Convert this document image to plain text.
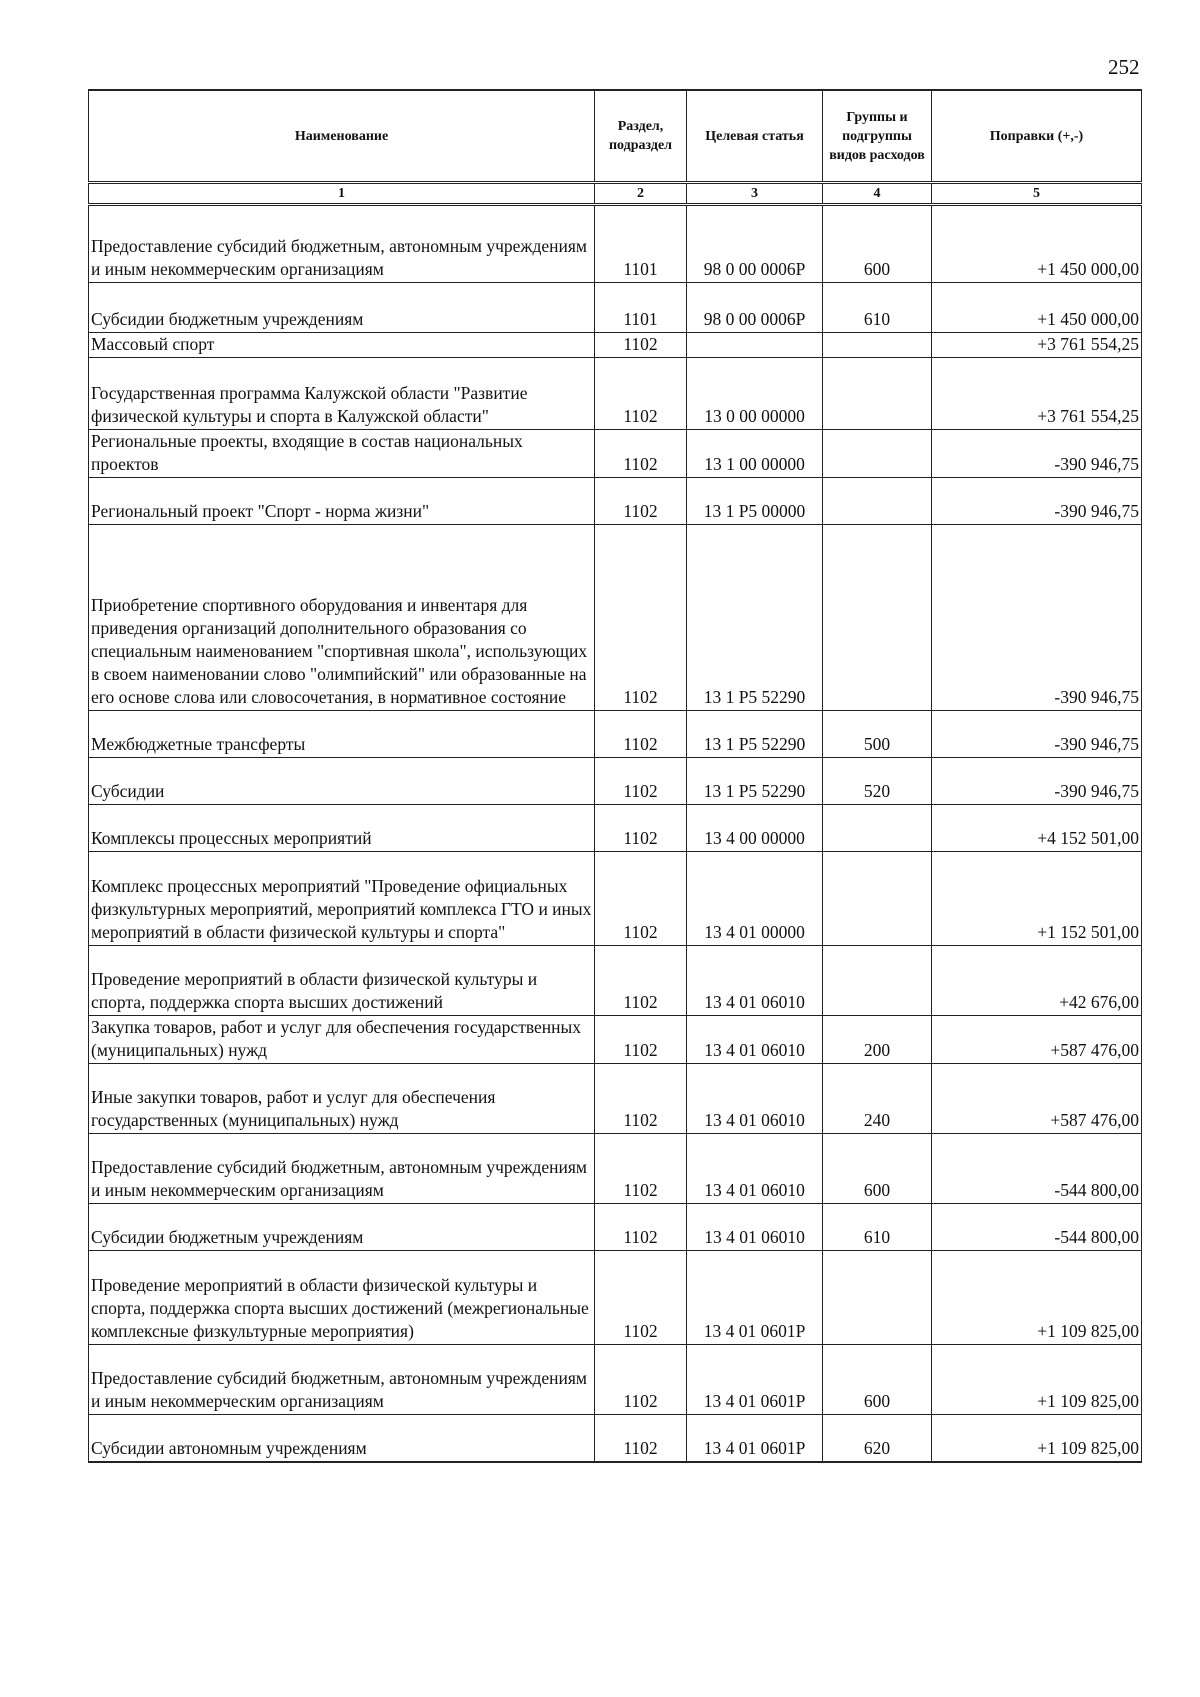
252
Наименование	Раздел, подраздел	Целевая статья	Группы и подгруппы видов расходов	Поправки (+,-)
1	2	3	4	5
Предоставление субсидий бюджетным, автономным учреждениям и иным некоммерческим организациям	1101	98 0 00 0006Р	600	+1 450 000,00
Субсидии бюджетным учреждениям	1101	98 0 00 0006Р	610	+1 450 000,00
Массовый спорт	1102			+3 761 554,25
Государственная программа Калужской области "Развитие физической культуры и спорта в Калужской области"	1102	13 0 00 00000		+3 761 554,25
Региональные проекты, входящие в состав национальных проектов	1102	13 1 00 00000		-390 946,75
Региональный проект "Спорт - норма жизни"	1102	13 1 Р5 00000		-390 946,75
Приобретение спортивного оборудования и инвентаря для приведения организаций дополнительного образования со специальным наименованием "спортивная школа", использующих в своем наименовании слово "олимпийский" или образованные на его основе слова или словосочетания, в нормативное состояние	1102	13 1 Р5 52290		-390 946,75
Межбюджетные трансферты	1102	13 1 Р5 52290	500	-390 946,75
Субсидии	1102	13 1 Р5 52290	520	-390 946,75
Комплексы процессных мероприятий	1102	13 4 00 00000		+4 152 501,00
Комплекс процессных мероприятий "Проведение официальных физкультурных мероприятий, мероприятий комплекса ГТО и иных мероприятий в области физической культуры и спорта"	1102	13 4 01 00000		+1 152 501,00
Проведение мероприятий в области физической культуры и спорта, поддержка спорта высших достижений	1102	13 4 01 06010		+42 676,00
Закупка товаров, работ и услуг для обеспечения государственных (муниципальных) нужд	1102	13 4 01 06010	200	+587 476,00
Иные закупки товаров, работ и услуг для обеспечения государственных (муниципальных) нужд	1102	13 4 01 06010	240	+587 476,00
Предоставление субсидий бюджетным, автономным учреждениям и иным некоммерческим организациям	1102	13 4 01 06010	600	-544 800,00
Субсидии бюджетным учреждениям	1102	13 4 01 06010	610	-544 800,00
Проведение мероприятий в области физической культуры и спорта, поддержка спорта высших достижений (межрегиональные комплексные физкультурные мероприятия)	1102	13 4 01 0601Р		+1 109 825,00
Предоставление субсидий бюджетным, автономным учреждениям и иным некоммерческим организациям	1102	13 4 01 0601Р	600	+1 109 825,00
Субсидии автономным учреждениям	1102	13 4 01 0601Р	620	+1 109 825,00
